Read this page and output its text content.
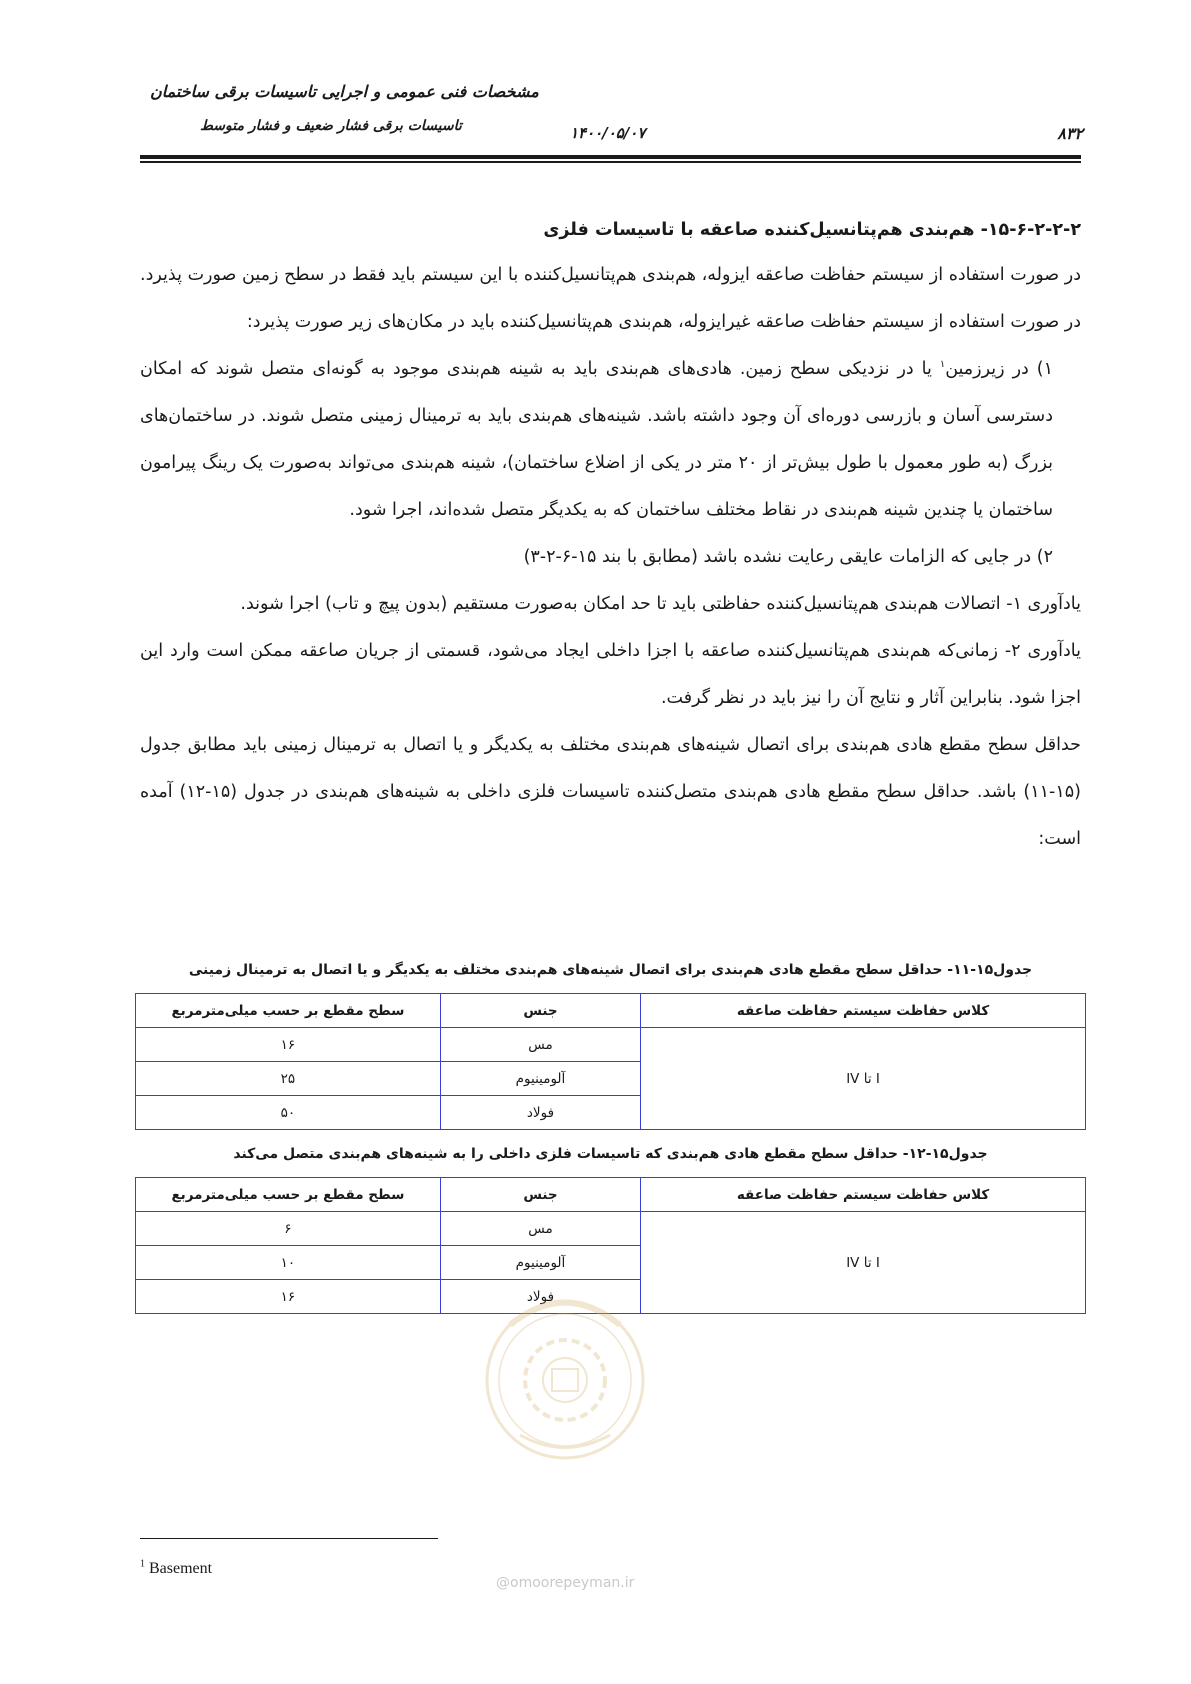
مشخصات فنی عمومی و اجرایی تاسیسات برقی ساختمان
تاسیسات برقی فشار ضعیف و فشار متوسط	۱۴۰۰/۰۵/۰۷	۸۳۲
۱۵-۶-۲-۲-۲- هم‌بندی هم‌پتانسیل‌کننده صاعقه با تاسیسات فلزی

در صورت استفاده از سیستم حفاظت صاعقه ایزوله، هم‌بندی هم‌پتانسیل‌کننده با این سیستم باید فقط در سطح زمین صورت پذیرد. در صورت استفاده از سیستم حفاظت صاعقه غیرایزوله، هم‌بندی هم‌پتانسیل‌کننده باید در مکان‌های زیر صورت پذیرد:

۱) در زیرزمین$^۱$ یا در نزدیکی سطح زمین. هادی‌های هم‌بندی باید به شینه هم‌بندی موجود به گونه‌ای متصل شوند که امکان دسترسی آسان و بازرسی دوره‌ای آن وجود داشته باشد. شینه‌های هم‌بندی باید به ترمینال زمینی متصل شوند. در ساختمان‌های بزرگ (به طور معمول با طول بیش‌تر از ۲۰ متر در یکی از اضلاع ساختمان)، شینه هم‌بندی می‌تواند به‌صورت یک رینگ پیرامون ساختمان یا چندین شینه هم‌بندی در نقاط مختلف ساختمان که به یکدیگر متصل شده‌اند، اجرا شود.

۲) در جایی که الزامات عایقی رعایت نشده باشد (مطابق با بند ۱۵-۶-۲-۳)

یادآوری ۱- اتصالات هم‌بندی هم‌پتانسیل‌کننده حفاظتی باید تا حد امکان به‌صورت مستقیم (بدون پیچ و تاب) اجرا شوند.

یادآوری ۲- زمانی‌که هم‌بندی هم‌پتانسیل‌کننده صاعقه با اجزا داخلی ایجاد می‌شود، قسمتی از جریان صاعقه ممکن است وارد این اجزا شود. بنابراین آثار و نتایج آن را نیز باید در نظر گرفت.

حداقل سطح مقطع هادی هم‌بندی برای اتصال شینه‌های هم‌بندی مختلف به یکدیگر و یا اتصال به ترمینال زمینی باید مطابق جدول (۱۵-۱۱) باشد. حداقل سطح مقطع هادی هم‌بندی متصل‌کننده تاسیسات فلزی داخلی به شینه‌های هم‌بندی در جدول (۱۵-۱۲) آمده است:

جدول۱۵-۱۱- حداقل سطح مقطع هادی هم‌بندی برای اتصال شینه‌های هم‌بندی مختلف به یکدیگر و یا اتصال به ترمینال زمینی
کلاس حفاظت سیستم حفاظت صاعقه	جنس	سطح مقطع بر حسب میلی‌مترمربع
I تا IV	مس	۱۶
	آلومینیوم	۲۵
	فولاد	۵۰
جدول۱۵-۱۲- حداقل سطح مقطع هادی هم‌بندی که تاسیسات فلزی داخلی را به شینه‌های هم‌بندی متصل می‌کند
کلاس حفاظت سیستم حفاظت صاعقه	جنس	سطح مقطع بر حسب میلی‌مترمربع
I تا IV	مس	۶
	آلومینیوم	۱۰
	فولاد	۱۶
@omoorepeyman.ir
$^1$ Basement
